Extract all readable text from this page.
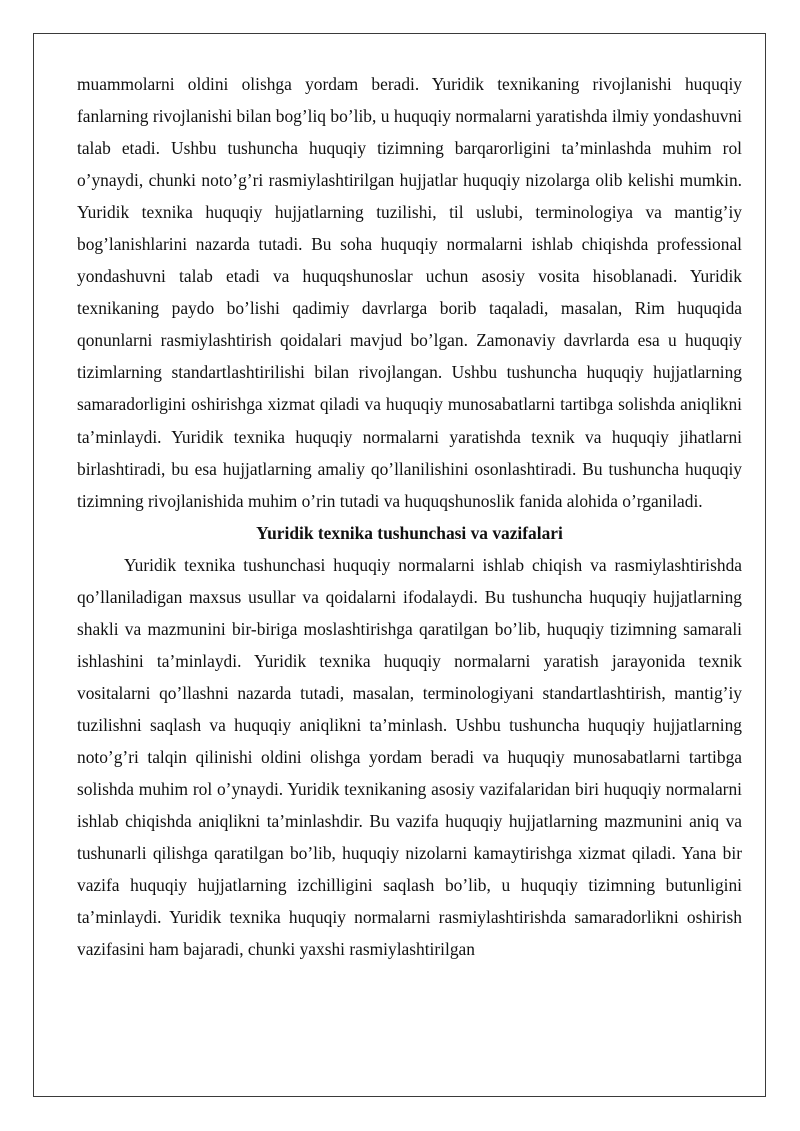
muammolarni oldini olishga yordam beradi. Yuridik texnikaning rivojlanishi huquqiy fanlarning rivojlanishi bilan bog’liq bo’lib, u huquqiy normalarni yaratishda ilmiy yondashuvni talab etadi. Ushbu tushuncha huquqiy tizimning barqarorligini ta’minlashda muhim rol o’ynaydi, chunki noto’g’ri rasmiylashtirilgan hujjatlar huquqiy nizolarga olib kelishi mumkin. Yuridik texnika huquqiy hujjatlarning tuzilishi, til uslubi, terminologiya va mantig’iy bog’lanishlarini nazarda tutadi. Bu soha huquqiy normalarni ishlab chiqishda professional yondashuvni talab etadi va huquqshunoslar uchun asosiy vosita hisoblanadi. Yuridik texnikaning paydo bo’lishi qadimiy davrlarga borib taqaladi, masalan, Rim huquqida qonunlarni rasmiylashtirish qoidalari mavjud bo’lgan. Zamonaviy davrlarda esa u huquqiy tizimlarning standartlashtirilishi bilan rivojlangan. Ushbu tushuncha huquqiy hujjatlarning samaradorligini oshirishga xizmat qiladi va huquqiy munosabatlarni tartibga solishda aniqlikni ta’minlaydi. Yuridik texnika huquqiy normalarni yaratishda texnik va huquqiy jihatlarni birlashtiradi, bu esa hujjatlarning amaliy qo’llanilishini osonlashtiradi. Bu tushuncha huquqiy tizimning rivojlanishida muhim o’rin tutadi va huquqshunoslik fanida alohida o’rganiladi.

Yuridik texnika tushunchasi va vazifalari

Yuridik texnika tushunchasi huquqiy normalarni ishlab chiqish va rasmiylashtirishda qo’llaniladigan maxsus usullar va qoidalarni ifodalaydi. Bu tushuncha huquqiy hujjatlarning shakli va mazmunini bir-biriga moslashtirishga qaratilgan bo’lib, huquqiy tizimning samarali ishlashini ta’minlaydi. Yuridik texnika huquqiy normalarni yaratish jarayonida texnik vositalarni qo’llashni nazarda tutadi, masalan, terminologiyani standartlashtirish, mantig’iy tuzilishni saqlash va huquqiy aniqlikni ta’minlash. Ushbu tushuncha huquqiy hujjatlarning noto’g’ri talqin qilinishi oldini olishga yordam beradi va huquqiy munosabatlarni tartibga solishda muhim rol o’ynaydi. Yuridik texnikaning asosiy vazifalaridan biri huquqiy normalarni ishlab chiqishda aniqlikni ta’minlashdir. Bu vazifa huquqiy hujjatlarning mazmunini aniq va tushunarli qilishga qaratilgan bo’lib, huquqiy nizolarni kamaytirishga xizmat qiladi. Yana bir vazifa huquqiy hujjatlarning izchilligini saqlash bo’lib, u huquqiy tizimning butunligini ta’minlaydi. Yuridik texnika huquqiy normalarni rasmiylashtirishda samaradorlikni oshirish vazifasini ham bajaradi, chunki yaxshi rasmiylashtirilgan
